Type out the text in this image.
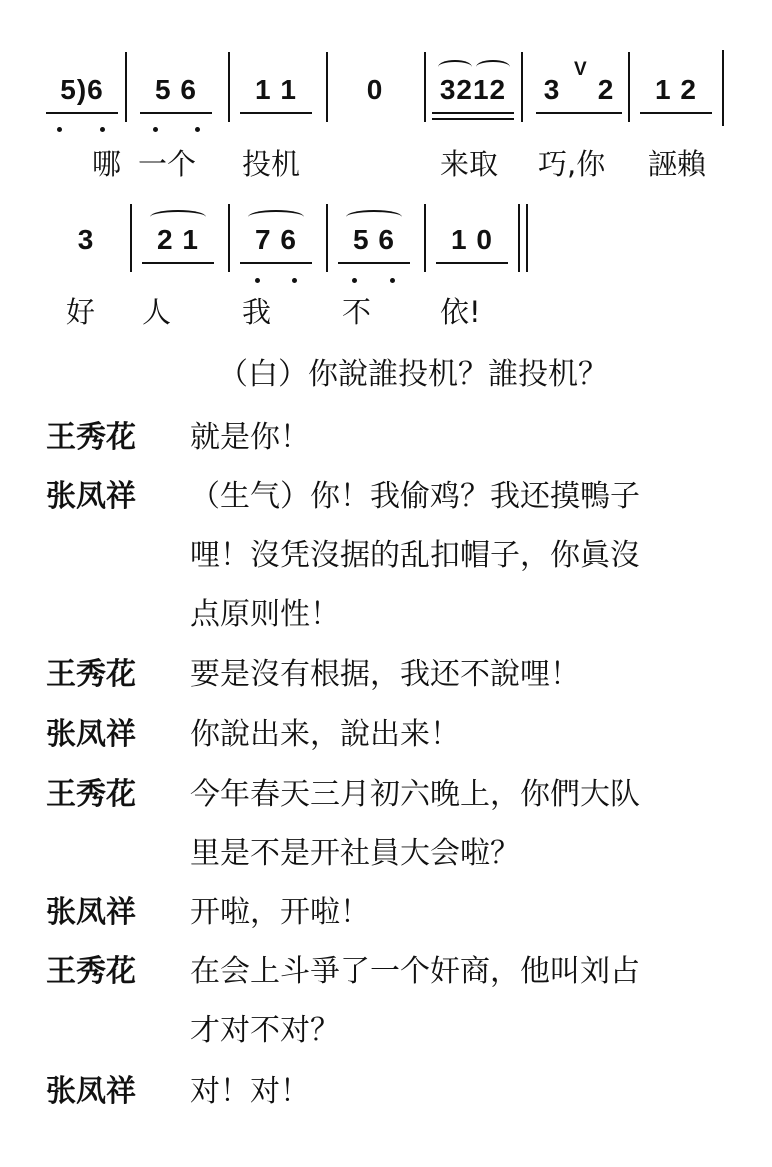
5)6	5 6	1 1	0	3212 3
V
2	1 2
哪 一个 投机	来取 巧,你 誣賴
3	2 1	7 6	5 6	1 0
好 人 我 不 依!
（白）你說誰投机？誰投机？
王秀花 就是你！
张凤祥 （生气）你！我偷鸡？我还摸鴨子
哩！沒凭沒据的乱扣帽子，你眞沒
点原则性！
王秀花 要是沒有根据，我还不說哩！
张凤祥 你說出来，說出来！
王秀花 今年春天三月初六晚上，你們大队
里是不是开社員大会啦？
张凤祥 开啦，开啦！
王秀花 在会上斗爭了一个奸商，他叫刘占
才对不对？
张凤祥 对！对！
